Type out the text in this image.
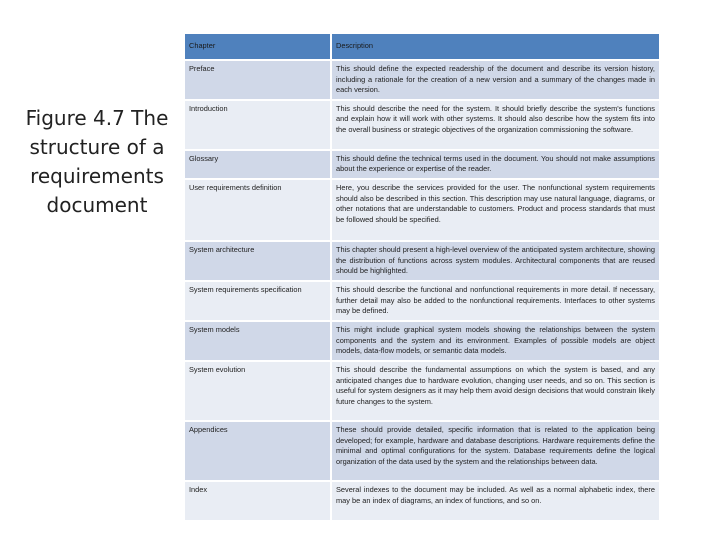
Figure 4.7 The structure of a requirements document
Chapter	Description
Preface	This should define the expected readership of the document and describe its version history, including a rationale for the creation of a new version and a summary of the changes made in each version.
Introduction	This should describe the need for the system. It should briefly describe the system's functions and explain how it will work with other systems. It should also describe how the system fits into the overall business or strategic objectives of the organization commissioning the software.
Glossary	This should define the technical terms used in the document. You should not make assumptions about the experience or expertise of the reader.
User requirements definition	Here, you describe the services provided for the user. The nonfunctional system requirements should also be described in this section. This description may use natural language, diagrams, or other notations that are understandable to customers. Product and process standards that must be followed should be specified.
System architecture	This chapter should present a high-level overview of the anticipated system architecture, showing the distribution of functions across system modules. Architectural components that are reused should be highlighted.
System requirements specification	This should describe the functional and nonfunctional requirements in more detail. If necessary, further detail may also be added to the nonfunctional requirements. Interfaces to other systems may be defined.
System models	This might include graphical system models showing the relationships between the system components and the system and its environment. Examples of possible models are object models, data-flow models, or semantic data models.
System evolution	This should describe the fundamental assumptions on which the system is based, and any anticipated changes due to hardware evolution, changing user needs, and so on. This section is useful for system designers as it may help them avoid design decisions that would constrain likely future changes to the system.
Appendices	These should provide detailed, specific information that is related to the application being developed; for example, hardware and database descriptions. Hardware requirements define the minimal and optimal configurations for the system. Database requirements define the logical organization of the data used by the system and the relationships between data.
Index	Several indexes to the document may be included. As well as a normal alphabetic index, there may be an index of diagrams, an index of functions, and so on.
